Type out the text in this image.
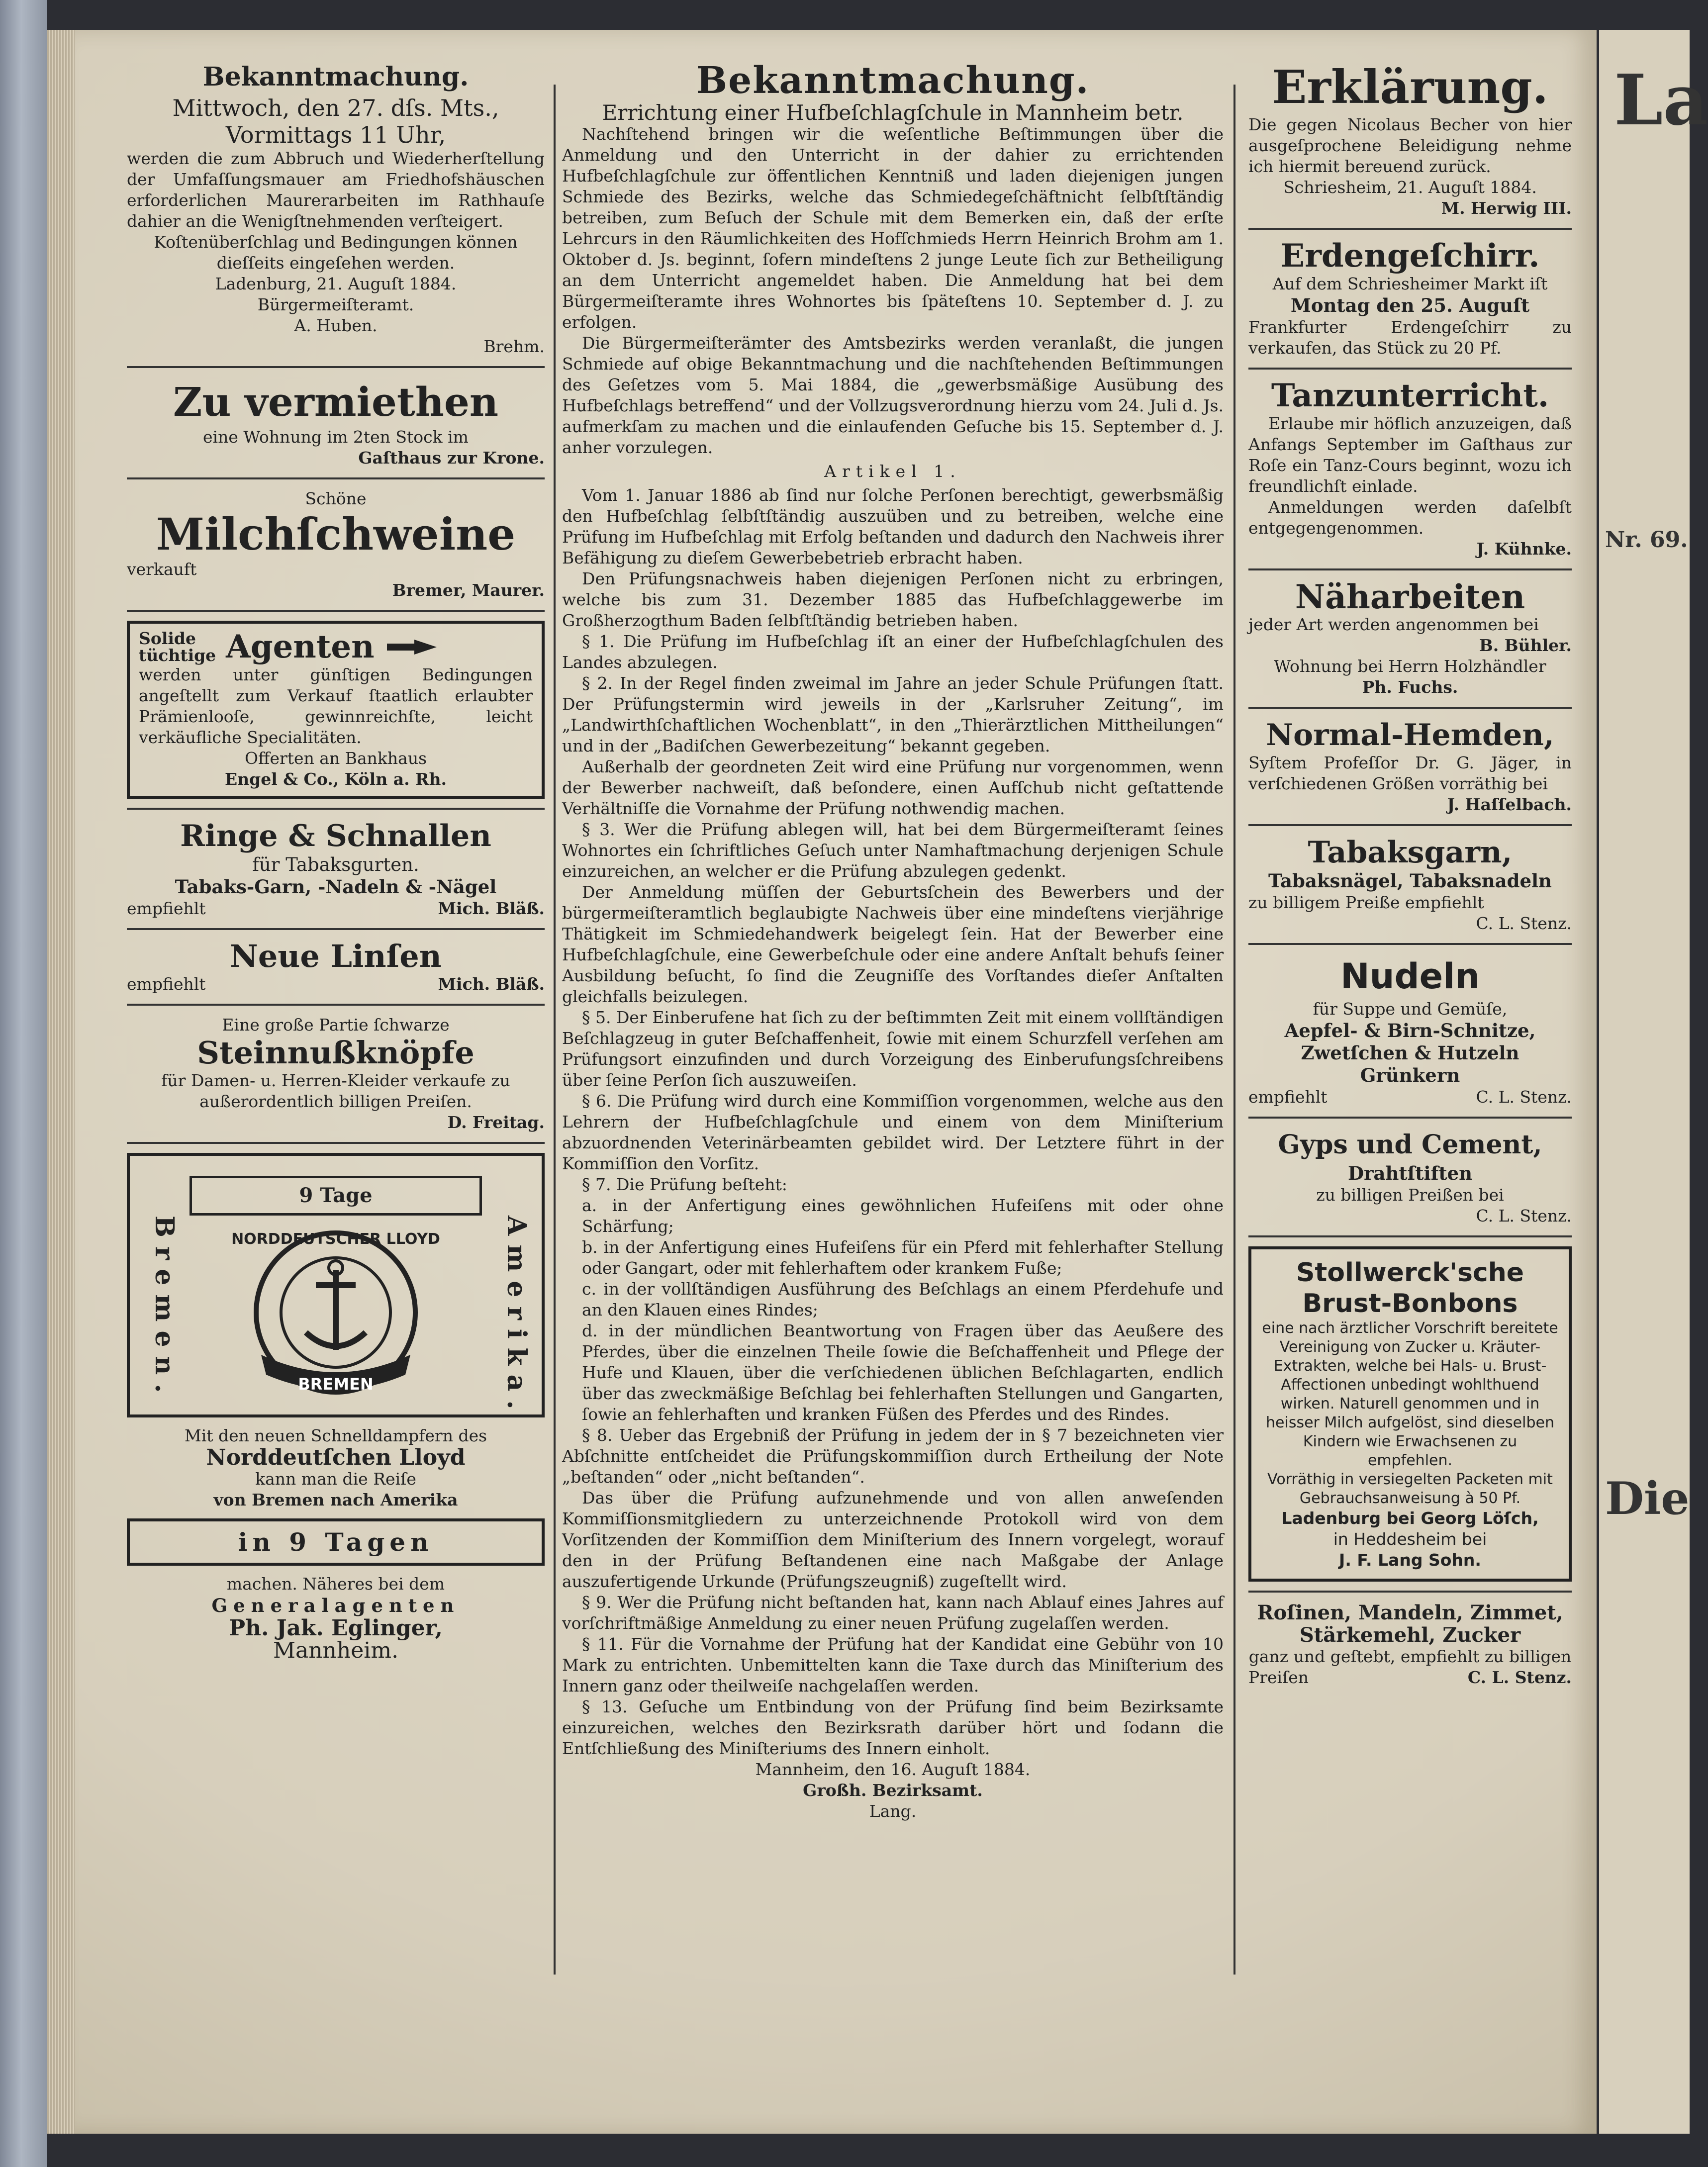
Bekanntmachung.
Mittwoch, den 27. dſs. Mts.,
Vormittags 11 Uhr,
werden die zum Abbruch und Wiederherſtellung der Umfaſſungsmauer am Friedhofshäuschen erforderlichen Maurerarbeiten im Rathhauſe dahier an die Wenigſtnehmenden verſteigert.
Koſtenüberſchlag und Bedingungen können dieſſeits eingeſehen werden.
Ladenburg, 21. Auguſt 1884.
Bürgermeiſteramt.
A. Huben.
Brehm.
Zu vermiethen
eine Wohnung im 2ten Stock im
Gaſthaus zur Krone.
Schöne
Milchſchweine
verkauft
Bremer, Maurer.
Solide
tüchtige Agenten
werden unter günſtigen Bedingungen angeſtellt zum Verkauf ſtaatlich erlaubter Prämienlooſe, gewinnreichſte, leicht verkäufliche Specialitäten.
Offerten an Bankhaus
Engel & Co., Köln a. Rh.
Ringe & Schnallen
für Tabaksgurten.
Tabaks-Garn, -Nadeln & -Nägel
empfiehlt	Mich. Bläß.
Neue Linſen
empfiehlt	Mich. Bläß.
Eine große Partie ſchwarze
Steinnußknöpfe
für Damen- u. Herren-Kleider verkaufe zu außerordentlich billigen Preiſen.
D. Freitag.
9 Tage
Bremen.	Amerika.
NORDDEUTSCHER LLOYD
BREMEN
Mit den neuen Schnelldampfern des
Norddeutſchen Lloyd
kann man die Reiſe
von Bremen nach Amerika
in 9 Tagen
machen. Näheres bei dem
Generalagenten
Ph. Jak. Eglinger,
Mannheim.
Bekanntmachung.
Errichtung einer Hufbeſchlagſchule in Mannheim betr.
Nachſtehend bringen wir die weſentliche Beſtimmungen über die Anmeldung und den Unterricht in der dahier zu errichtenden Hufbeſchlagſchule zur öffentlichen Kenntniß und laden diejenigen jungen Schmiede des Bezirks, welche das Schmiedegeſchäftnicht ſelbſtſtändig betreiben, zum Beſuch der Schule mit dem Bemerken ein, daß der erſte Lehrcurs in den Räumlichkeiten des Hofſchmieds Herrn Heinrich Brohm am 1. Oktober d. Js. beginnt, ſofern mindeſtens 2 junge Leute ſich zur Betheiligung an dem Unterricht angemeldet haben. Die Anmeldung hat bei dem Bürgermeiſteramte ihres Wohnortes bis ſpäteſtens 10. September d. J. zu erfolgen.
Die Bürgermeiſterämter des Amtsbezirks werden veranlaßt, die jungen Schmiede auf obige Bekanntmachung und die nachſtehenden Beſtimmungen des Geſetzes vom 5. Mai 1884, die „gewerbsmäßige Ausübung des Hufbeſchlags betreffend“ und der Vollzugsverordnung hierzu vom 24. Juli d. Js. aufmerkſam zu machen und die einlaufenden Geſuche bis 15. September d. J. anher vorzulegen.
Artikel 1.
Vom 1. Januar 1886 ab ſind nur ſolche Perſonen berechtigt, gewerbsmäßig den Hufbeſchlag ſelbſtſtändig auszuüben und zu betreiben, welche eine Prüfung im Hufbeſchlag mit Erfolg beſtanden und dadurch den Nachweis ihrer Befähigung zu dieſem Gewerbebetrieb erbracht haben.
Den Prüfungsnachweis haben diejenigen Perſonen nicht zu erbringen, welche bis zum 31. Dezember 1885 das Hufbeſchlaggewerbe im Großherzogthum Baden ſelbſtſtändig betrieben haben.
§ 1. Die Prüfung im Hufbeſchlag iſt an einer der Hufbeſchlagſchulen des Landes abzulegen.
§ 2. In der Regel finden zweimal im Jahre an jeder Schule Prüfungen ſtatt. Der Prüfungstermin wird jeweils in der „Karlsruher Zeitung“, im „Landwirthſchaftlichen Wochenblatt“, in den „Thierärztlichen Mittheilungen“ und in der „Badiſchen Gewerbezeitung“ bekannt gegeben.
Außerhalb der geordneten Zeit wird eine Prüfung nur vorgenommen, wenn der Bewerber nachweiſt, daß beſondere, einen Aufſchub nicht geſtattende Verhältniſſe die Vornahme der Prüfung nothwendig machen.
§ 3. Wer die Prüfung ablegen will, hat bei dem Bürgermeiſteramt ſeines Wohnortes ein ſchriftliches Geſuch unter Namhaftmachung derjenigen Schule einzureichen, an welcher er die Prüfung abzulegen gedenkt.
Der Anmeldung müſſen der Geburtsſchein des Bewerbers und der bürgermeiſteramtlich beglaubigte Nachweis über eine mindeſtens vierjährige Thätigkeit im Schmiedehandwerk beigelegt ſein. Hat der Bewerber eine Hufbeſchlagſchule, eine Gewerbeſchule oder eine andere Anſtalt behufs ſeiner Ausbildung beſucht, ſo ſind die Zeugniſſe des Vorſtandes dieſer Anſtalten gleichfalls beizulegen.
§ 5. Der Einberufene hat ſich zu der beſtimmten Zeit mit einem vollſtändigen Beſchlagzeug in guter Beſchaffenheit, ſowie mit einem Schurzfell verſehen am Prüfungsort einzufinden und durch Vorzeigung des Einberufungsſchreibens über ſeine Perſon ſich auszuweiſen.
§ 6. Die Prüfung wird durch eine Kommiſſion vorgenommen, welche aus den Lehrern der Hufbeſchlagſchule und einem von dem Miniſterium abzuordnenden Veterinärbeamten gebildet wird. Der Letztere führt in der Kommiſſion den Vorſitz.
§ 7. Die Prüfung beſteht:
a. in der Anfertigung eines gewöhnlichen Hufeiſens mit oder ohne Schärfung;
b. in der Anfertigung eines Hufeiſens für ein Pferd mit fehlerhafter Stellung oder Gangart, oder mit fehlerhaftem oder krankem Fuße;
c. in der vollſtändigen Ausführung des Beſchlags an einem Pferdehufe und an den Klauen eines Rindes;
d. in der mündlichen Beantwortung von Fragen über das Aeußere des Pferdes, über die einzelnen Theile ſowie die Beſchaffenheit und Pflege der Hufe und Klauen, über die verſchiedenen üblichen Beſchlagarten, endlich über das zweckmäßige Beſchlag bei fehlerhaften Stellungen und Gangarten, ſowie an fehlerhaften und kranken Füßen des Pferdes und des Rindes.
§ 8. Ueber das Ergebniß der Prüfung in jedem der in § 7 bezeichneten vier Abſchnitte entſcheidet die Prüfungskommiſſion durch Ertheilung der Note „beſtanden“ oder „nicht beſtanden“.
Das über die Prüfung aufzunehmende und von allen anweſenden Kommiſſionsmitgliedern zu unterzeichnende Protokoll wird von dem Vorſitzenden der Kommiſſion dem Miniſterium des Innern vorgelegt, worauf den in der Prüfung Beſtandenen eine nach Maßgabe der Anlage auszufertigende Urkunde (Prüfungszeugniß) zugeſtellt wird.
§ 9. Wer die Prüfung nicht beſtanden hat, kann nach Ablauf eines Jahres auf vorſchriftmäßige Anmeldung zu einer neuen Prüfung zugelaſſen werden.
§ 11. Für die Vornahme der Prüfung hat der Kandidat eine Gebühr von 10 Mark zu entrichten. Unbemittelten kann die Taxe durch das Miniſterium des Innern ganz oder theilweiſe nachgelaſſen werden.
§ 13. Geſuche um Entbindung von der Prüfung ſind beim Bezirksamte einzureichen, welches den Bezirksrath darüber hört und ſodann die Entſchließung des Miniſteriums des Innern einholt.
Mannheim, den 16. Auguſt 1884.
Großh. Bezirksamt.
Lang.
Erklärung.
Die gegen Nicolaus Becher von hier ausgeſprochene Beleidigung nehme ich hiermit bereuend zurück.
Schriesheim, 21. Auguſt 1884.
M. Herwig III.
Erdengeſchirr.
Auf dem Schriesheimer Markt iſt
Montag den 25. Auguſt
Frankfurter Erdengeſchirr zu verkaufen, das Stück zu 20 Pf.
Tanzunterricht.
Erlaube mir höflich anzuzeigen, daß Anfangs September im Gaſthaus zur Roſe ein Tanz-Cours beginnt, wozu ich freundlichſt einlade.
Anmeldungen werden daſelbſt entgegengenommen.
J. Kühnke.
Näharbeiten
jeder Art werden angenommen bei
B. Bühler.
Wohnung bei Herrn Holzhändler
Ph. Fuchs.
Normal-Hemden,
Syſtem Profeſſor Dr. G. Jäger, in verſchiedenen Größen vorräthig bei
J. Haſſelbach.
Tabaksgarn,
Tabaksnägel, Tabaksnadeln
zu billigem Preiße empfiehlt
C. L. Stenz.
Nudeln
für Suppe und Gemüſe,
Aepfel- & Birn-Schnitze, Zwetſchen & Hutzeln Grünkern
empfiehlt	C. L. Stenz.
Gyps und Cement,
Drahtſtiften
zu billigen Preißen bei
C. L. Stenz.
Stollwerck'sche
Brust-Bonbons
eine nach ärztlicher Vorschrift bereitete Vereinigung von Zucker u. Kräuter-Extrakten, welche bei Hals- u. Brust-Affectionen unbedingt wohlthuend wirken. Naturell genommen und in heisser Milch aufgelöst, sind dieselben Kindern wie Erwachsenen zu empfehlen.
Vorräthig in versiegelten Packeten mit Gebrauchsanweisung à 50 Pf.
Ladenburg bei Georg Löſch,
in Heddesheim bei
J. F. Lang Sohn.
Roſinen, Mandeln, Zimmet,
Stärkemehl, Zucker
ganz und geſtebt, empfiehlt zu billigen
Preiſen	C. L. Stenz.
La
Nr. 69.
Die
